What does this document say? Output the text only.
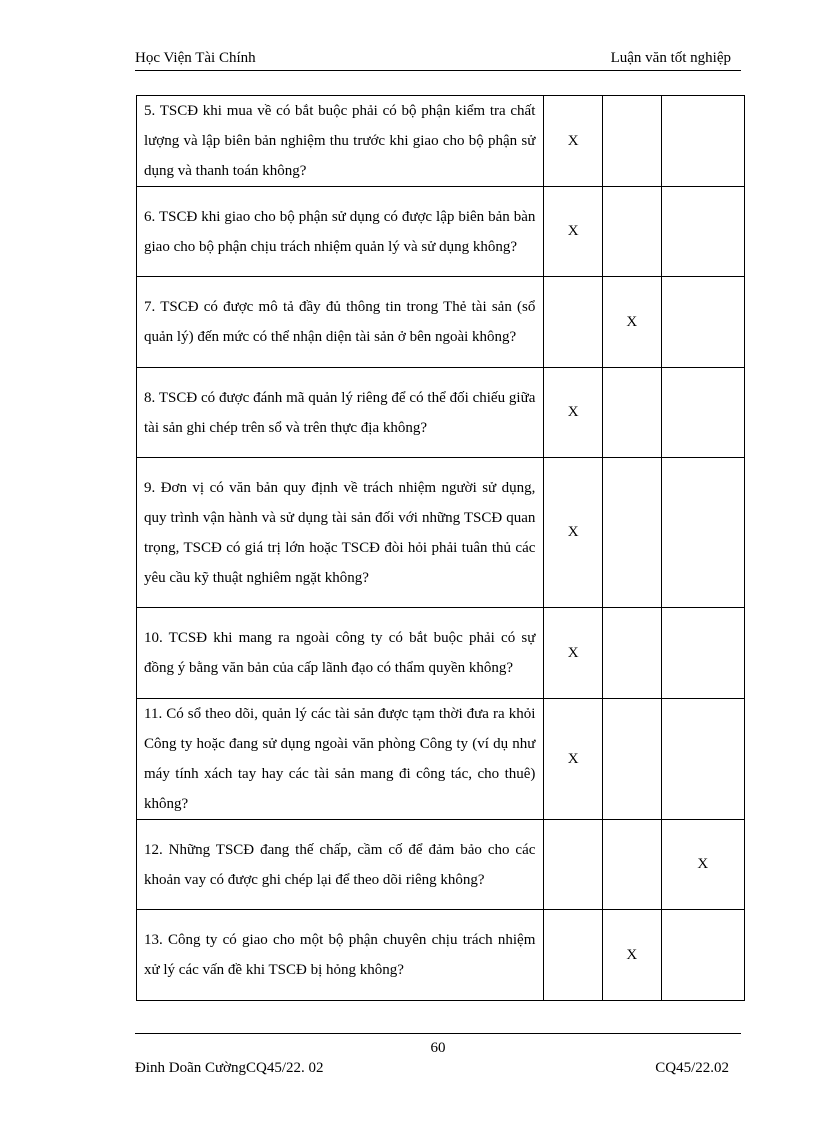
Học Viện Tài Chính	Luận văn tốt nghiệp
5. TSCĐ khi mua về có bắt buộc phải có bộ phận kiểm tra chất lượng và lập biên bản nghiệm thu trước khi giao cho bộ phận sử dụng và thanh toán không?	X		
6. TSCĐ khi giao cho bộ phận sử dụng có được lập biên bản bàn giao cho bộ phận chịu trách nhiệm quản lý và sử dụng không?	X		
7. TSCĐ có được mô tả đầy đủ thông tin trong Thẻ tài sản (sổ quản lý) đến mức có thể nhận diện tài sản ở bên ngoài không?		X	
8. TSCĐ có được đánh mã quản lý riêng để có thể đối chiếu giữa tài sản ghi chép trên sổ và trên thực địa không?	X		
9. Đơn vị có văn bản quy định về trách nhiệm người sử dụng, quy trình vận hành và sử dụng tài sản đối với những TSCĐ quan trọng, TSCĐ có giá trị lớn hoặc TSCĐ đòi hỏi phải tuân thủ các yêu cầu kỹ thuật nghiêm ngặt không?	X		
10. TCSĐ khi mang ra ngoài công ty có bắt buộc phải có sự đồng ý bằng văn bản của cấp lãnh đạo có thẩm quyền không?	X		
11. Có sổ theo dõi, quản lý các tài sản được tạm thời đưa ra khỏi Công ty hoặc đang sử dụng ngoài văn phòng Công ty (ví dụ như máy tính xách tay hay các tài sản mang đi công tác, cho thuê) không?	X		
12. Những TSCĐ đang thế chấp, cầm cố để đảm bảo cho các khoản vay có được ghi chép lại để theo dõi riêng không?			X
13. Công ty có giao cho một bộ phận chuyên chịu trách nhiệm xử lý các vấn đề khi TSCĐ bị hỏng không?		X	
60
Đinh Doãn CườngCQ45/22. 02	CQ45/22.02
